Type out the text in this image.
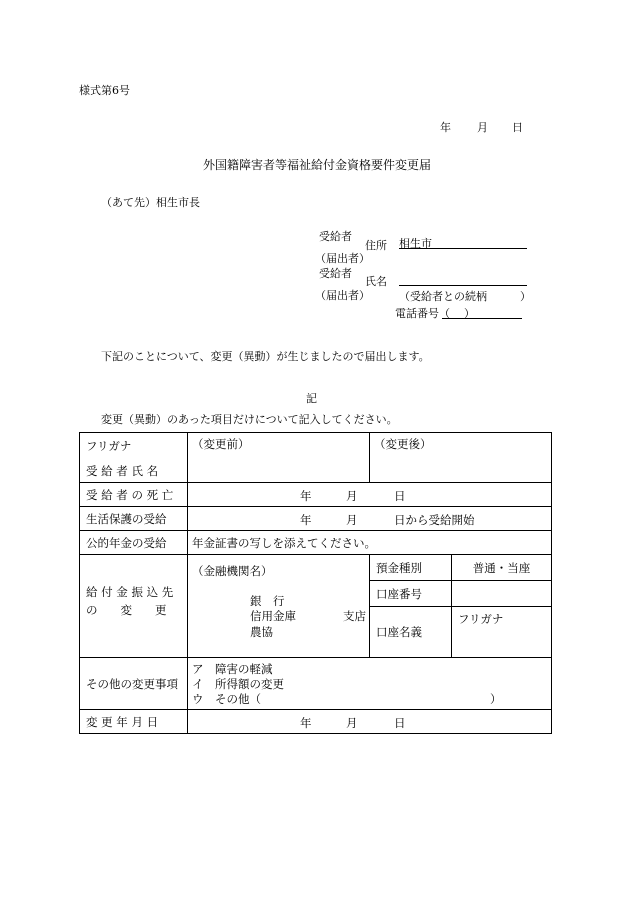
様式第6号
年 月 日
外国籍障害者等福祉給付金資格要件変更届
（あて先）相生市長
受給者
（届出者）
住所 相生市
受給者
（届出者）
氏名
（受給者との続柄	）
電話番号（ ）
下記のことについて、変更（異動）が生じましたので届出します。
記
変更（異動）のあった項目だけについて記入してください。
フリガナ
受 給 者 氏 名	（変更前）	（変更後）	

受 給 者 の 死 亡	年 月 日		

生活保護の受給	年 月 日から受給開始		

公的年金の受給	年金証書の写しを添えてください。		

給 付 金 振 込 先
の　　変　　更	（金融機関名）
銀　行
信用金庫 支店
農協	預金種別	普通・当座
		口座番号	
		口座名義	フリガナ

その他の変更事項	ア　障害の軽減
イ　所得額の変更
ウ　その他（ ）		

変 更 年 月 日	年 月 日		
